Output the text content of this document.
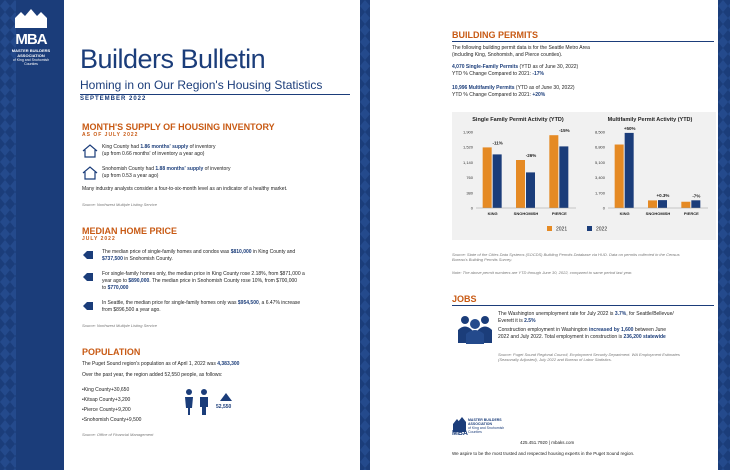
MBA
MASTER BUILDERS
ASSOCIATION
of King and Snohomish Counties	Builders Bulletin
Homing in on Our Region's Housing Statistics
SEPTEMBER 2022
MONTH'S SUPPLY OF HOUSING INVENTORY
AS OF JULY 2022
King County had 1.86 months' supply of inventory
(up from 0.66 months' of inventory a year ago)
Snohomish County had 1.88 months' supply of inventory
(up from 0.53 a year ago)
Many industry analysts consider a four-to-six-month level as an indicator of a healthy market.
Source: Northwest Multiple Listing Service
MEDIAN HOME PRICE
JULY 2022
The median price of single-family homes and condos was $810,000 in King County and
$737,500 in Snohomish County.
For single-family homes only, the median price in King County rose 2.18%, from $871,000 a
year ago to $890,000. The median price in Snohomish County rose 10%, from $700,000
to $770,000
In Seattle, the median price for single-family homes only was $954,500, a 6.47% increase
from $896,500 a year ago.
Source: Northwest Multiple Listing Service
POPULATION
The Puget Sound region's population as of April 1, 2022 was 4,383,300
Over the past year, the region added 52,550 people, as follows:
• King County +30,650
• Kitsap County +3,200
• Pierce County +9,200
• Snohomish County +9,500
52,550
Source: Office of Financial Management
BUILDING PERMITS
The following building permit data is for the Seattle Metro Area
(including King, Snohomish, and Pierce counties).
4,070 Single-Family Permits (YTD as of June 30, 2022)
YTD % Change Compared to 2021: -17%
10,996 Multifamily Permits (YTD as of June 30, 2022)
YTD % Change Compared to 2021: +20%
1,900
1,520
1,140
760
380
0
-11%
KING
-26%
SNOHOMISH
-15%
PIERCE
8,500
6,800
5,100
3,400
1,700
0
+50%
KING
+0.3%
SNOHOMISH
-7%
PIERCE
2021	2022
Single Family Permit Activity (YTD)	Multifamily Permit Activity (YTD)
Source: State of the Cities Data Systems (SOCDS) Building Permits Database via HUD. Data on permits collected in the Census
Bureau's Building Permits Survey.
Note: The above permit numbers are YTD through June 30, 2022, compared to same period last year.
JOBS
The Washington unemployment rate for July 2022 is 3.7%, for Seattle/Bellevue/
Everett it is 2.5%
Construction employment in Washington increased by 1,600 between June
2022 and July 2022. Total employment in construction is 236,200 statewide
Source: Puget Sound Regional Council, Employment Security Department. WA Employment Estimates
(Seasonally Adjusted), July 2022 and Bureau of Labor Statistics.
MBA
MASTER BUILDERS
ASSOCIATION
of King and Snohomish Counties
425.451.7920 | mbaks.com
We aspire to be the most trusted and respected housing experts in the Puget Sound region.
